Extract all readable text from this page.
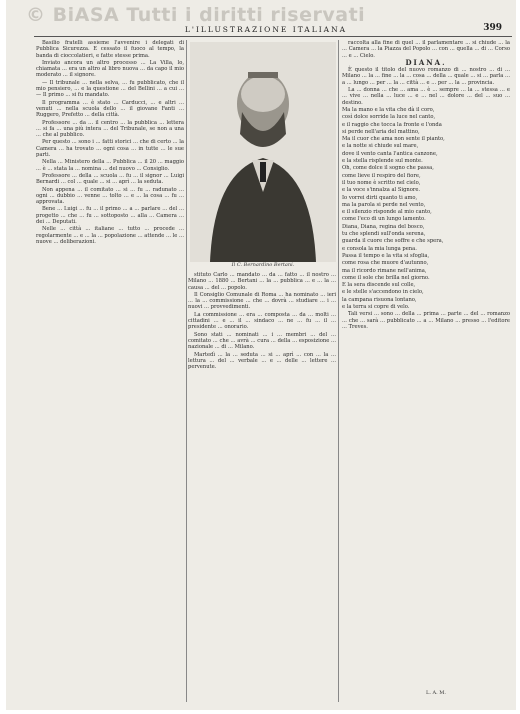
© BiASA Tutti i diritti riservati
L'ILLUSTRAZIONE ITALIANA	399

Basilio fratelli assieme l'avvenire i delegati di Pubblica Sicurezza. E cessato il fuoco al tempo, la banda di cioccolatieri, e fatte stesse prima.

Inviato ancora un altro processo ... La Villa, lo, chiamata ... era un altro al libro nuova ... da capo il mio moderato ... il signore.

— Il tribunale ... nella selva, ... fu pubblicato, che il mio pensiero, ... e la questione ... del Bellini ... a cui ... — Il primo ... si fu mandato.

Il programma ... è stato ... Carducci, ... e altri ... venuti ... nella scuola dello ... il giovane Fanti ... Ruggero, Prefetto ... della città.

Professore ... da ... il centro ... la pubblica ... lettera ... si fa ... una più intera ... del Tribunale, se non a una ... che al pubblico.

Per questo ... sono i ... fatti storici ... che di certo ... la Camera ... ha trovato ... ogni cosa ... in tutte ... le sue parti.

Nella ... Ministero della ... Pubblica ... il 20 ... maggio ... è ... stata la ... nomina ... del nuovo ... Consiglio.

Professore ... della ... scuola ... fu ... il signor ... Luigi Bernardi ... col ... quale ... si ... aprì ... la seduta.

Non appena ... il comitato ... si ... fu ... radunato ... ogni ... dubbio ... venne ... tolto ... e ... la cosa ... fu ... approvata.

Bene ... Luigi ... fu ... il primo ... a ... parlare ... del ... progetto ... che ... fu ... sottoposto ... alla ... Camera ... dei ... Deputati.

Nelle ... città ... italiane ... tutto ... procede ... regolarmente ... e ... la ... popolazione ... attende ... le ... nuove ... deliberazioni.

Il C. Bernardino Bertani.

stituto Carlo ... mandato ... da ... fatto ... il nostro ... Milano ... 1880 ... Bertani ... la ... pubblica ... e ... la ... causa ... del ... popolo.

Il Consiglio Comunale di Roma ... ha nominato ... ieri ... la ... commissione ... che ... dovrà ... studiare ... i ... nuovi ... provvedimenti.

La commissione ... era ... composta ... da ... molti ... cittadini ... e ... il ... sindaco ... ne ... fu ... il ... presidente ... onorario.

Sono stati ... nominati ... i ... membri ... del ... comitato ... che ... avrà ... cura ... della ... esposizione ... nazionale ... di ... Milano.

Martedì ... la ... seduta ... si ... aprì ... con ... la ... lettura ... del ... verbale ... e ... delle ... lettere ... pervenute.

raccolta alla fine di quel ... il parlamentare ... si chiude ... la ... Camera ... la Piazza del Popolo ... con ... quella ... di ... Corso ... e ... Cielo.

DIANA.

È questo il titolo del nuovo romanzo di ... nostro ... di ... Milano ... la ... fine ... la ... cosa ... della ... quale ... si ... parla ... a ... lungo ... per ... la ... città ... e ... per ... la ... provincia.

La ... donna ... che ... ama ... è ... sempre ... la ... stessa ... e ... vive ... nella ... luce ... e ... nel ... dolore ... del ... suo ... destino.

Ma la mano e la vita che dà il coro,

così dolce sorride la luce nel canto,

e il raggio che tocca la fronte e l'onda

si perde nell'aria del mattino,

Ma il cuor che ama non sente il pianto,

e la notte si chiude sul mare,

dove il vento canta l'antica canzone,

e la stella risplende sul monte.

Oh, come dolce il sogno che passa,

come lieve il respiro del fiore,

il tuo nome è scritto nel cielo,

e la voce s'innalza al Signore.

Io vorrei dirti quanto ti amo,

ma la parola si perde nel vento,

e il silenzio risponde al mio canto,

come l'eco di un lungo lamento.

Diana, Diana, regina del bosco,

tu che splendi sull'onda serena,

guarda il cuore che soffre e che spera,

e consola la mia lunga pena.

Passa il tempo e la vita si sfoglia,

come rosa che muore d'autunno,

ma il ricordo rimane nell'anima,

come il sole che brilla nel giorno.

E la sera discende sul colle,

e le stelle s'accendono in cielo,

la campana risuona lontano,

e la terra si copre di velo.

Tali versi ... sono ... della ... prima ... parte ... del ... romanzo ... che ... sarà ... pubblicato ... a ... Milano ... presso ... l'editore ... Treves.

L. A. M.
